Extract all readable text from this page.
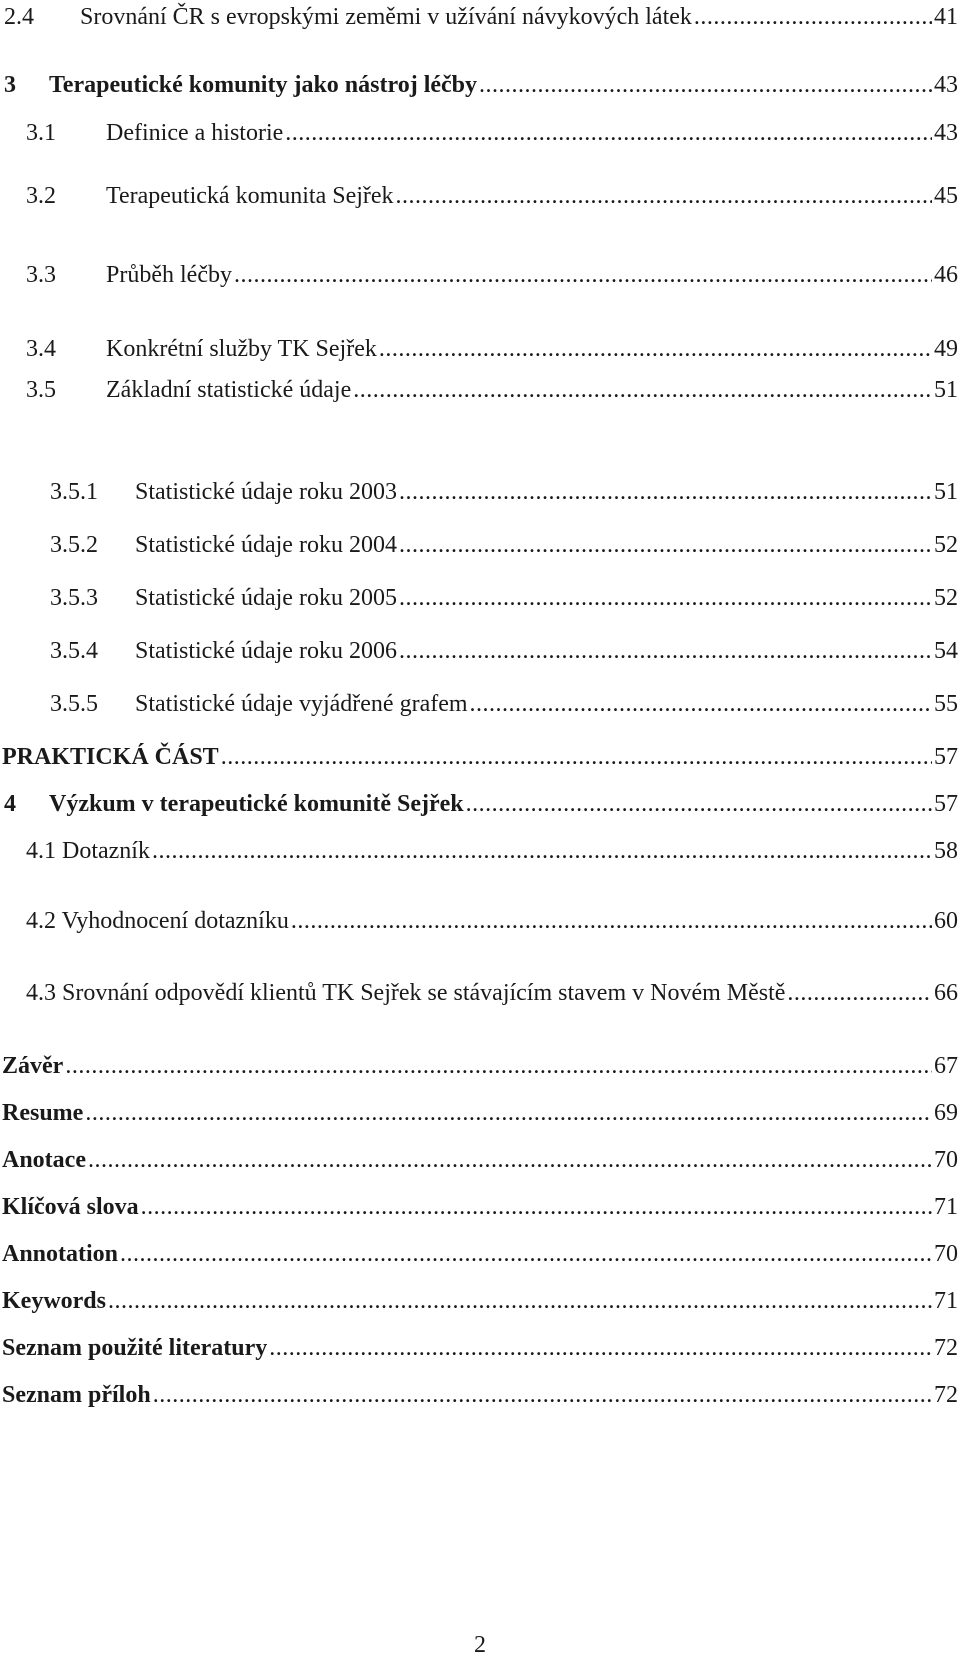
2.4	Srovnání ČR s evropskými zeměmi v užívání návykových látek .....	41
3	Terapeutické komunity jako nástroj léčby .....	43
3.1	Definice a historie .....	43
3.2	Terapeutická komunita Sejřek .....	45
3.3	Průběh léčby .....	46
3.4	Konkrétní služby TK Sejřek .....	49
3.5	Základní statistické údaje .....	51
3.5.1	Statistické údaje roku 2003 .....	51
3.5.2	Statistické údaje roku 2004 .....	52
3.5.3	Statistické údaje roku 2005 .....	52
3.5.4	Statistické údaje roku 2006 .....	54
3.5.5	Statistické údaje vyjádřené grafem .....	55
PRAKTICKÁ ČÁST .....	57
4	Výzkum v terapeutické komunitě Sejřek .....	57
4.1 Dotazník .....	58
4.2 Vyhodnocení dotazníku .....	60
4.3 Srovnání odpovědí klientů TK Sejřek se stávajícím stavem v Novém Městě .....	66
Závěr .....	67
Resume .....	69
Anotace .....	70
Klíčová slova .....	71
Annotation .....	70
Keywords .....	71
Seznam použité literatury .....	72
Seznam příloh .....	72
2
